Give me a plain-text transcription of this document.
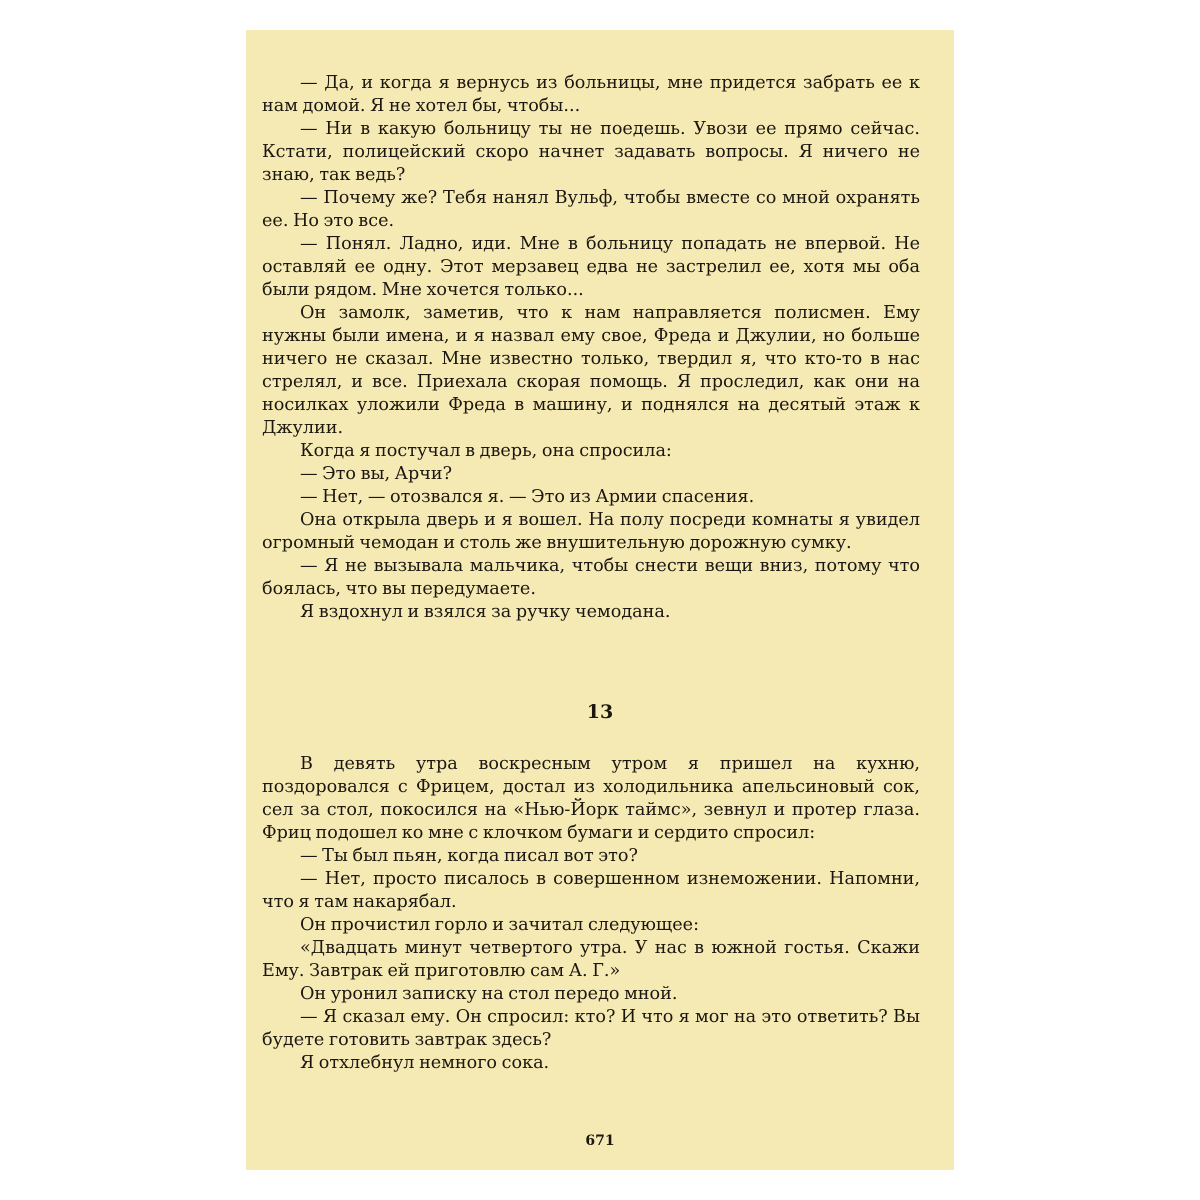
— Да, и когда я вернусь из больницы, мне придется забрать ее к нам домой. Я не хотел бы, чтобы...

— Ни в какую больницу ты не поедешь. Увози ее прямо сейчас. Кстати, полицейский скоро начнет задавать вопросы. Я ничего не знаю, так ведь?

— Почему же? Тебя нанял Вульф, чтобы вместе со мной охранять ее. Но это все.

— Понял. Ладно, иди. Мне в больницу попадать не впервой. Не оставляй ее одну. Этот мерзавец едва не застрелил ее, хотя мы оба были рядом. Мне хочется только...

Он замолк, заметив, что к нам направляется полисмен. Ему нужны были имена, и я назвал ему свое, Фреда и Джулии, но больше ничего не сказал. Мне известно только, твердил я, что кто-то в нас стрелял, и все. Приехала скорая помощь. Я проследил, как они на носилках уложили Фреда в машину, и поднялся на десятый этаж к Джулии.

Когда я постучал в дверь, она спросила:

— Это вы, Арчи?

— Нет, — отозвался я. — Это из Армии спасения.

Она открыла дверь и я вошел. На полу посреди комнаты я увидел огромный чемодан и столь же внушительную дорожную сумку.

— Я не вызывала мальчика, чтобы снести вещи вниз, потому что боялась, что вы передумаете.

Я вздохнул и взялся за ручку чемодана.

13

В девять утра воскресным утром я пришел на кухню, поздоровался с Фрицем, достал из холодильника апельсиновый сок, сел за стол, покосился на «Нью-Йорк таймс», зевнул и протер глаза. Фриц подошел ко мне с клочком бумаги и сердито спросил:

— Ты был пьян, когда писал вот это?

— Нет, просто писалось в совершенном изнеможении. Напомни, что я там накарябал.

Он прочистил горло и зачитал следующее:

«Двадцать минут четвертого утра. У нас в южной гостья. Скажи Ему. Завтрак ей приготовлю сам А. Г.»

Он уронил записку на стол передо мной.

— Я сказал ему. Он спросил: кто? И что я мог на это ответить? Вы будете готовить завтрак здесь?

Я отхлебнул немного сока.

671
